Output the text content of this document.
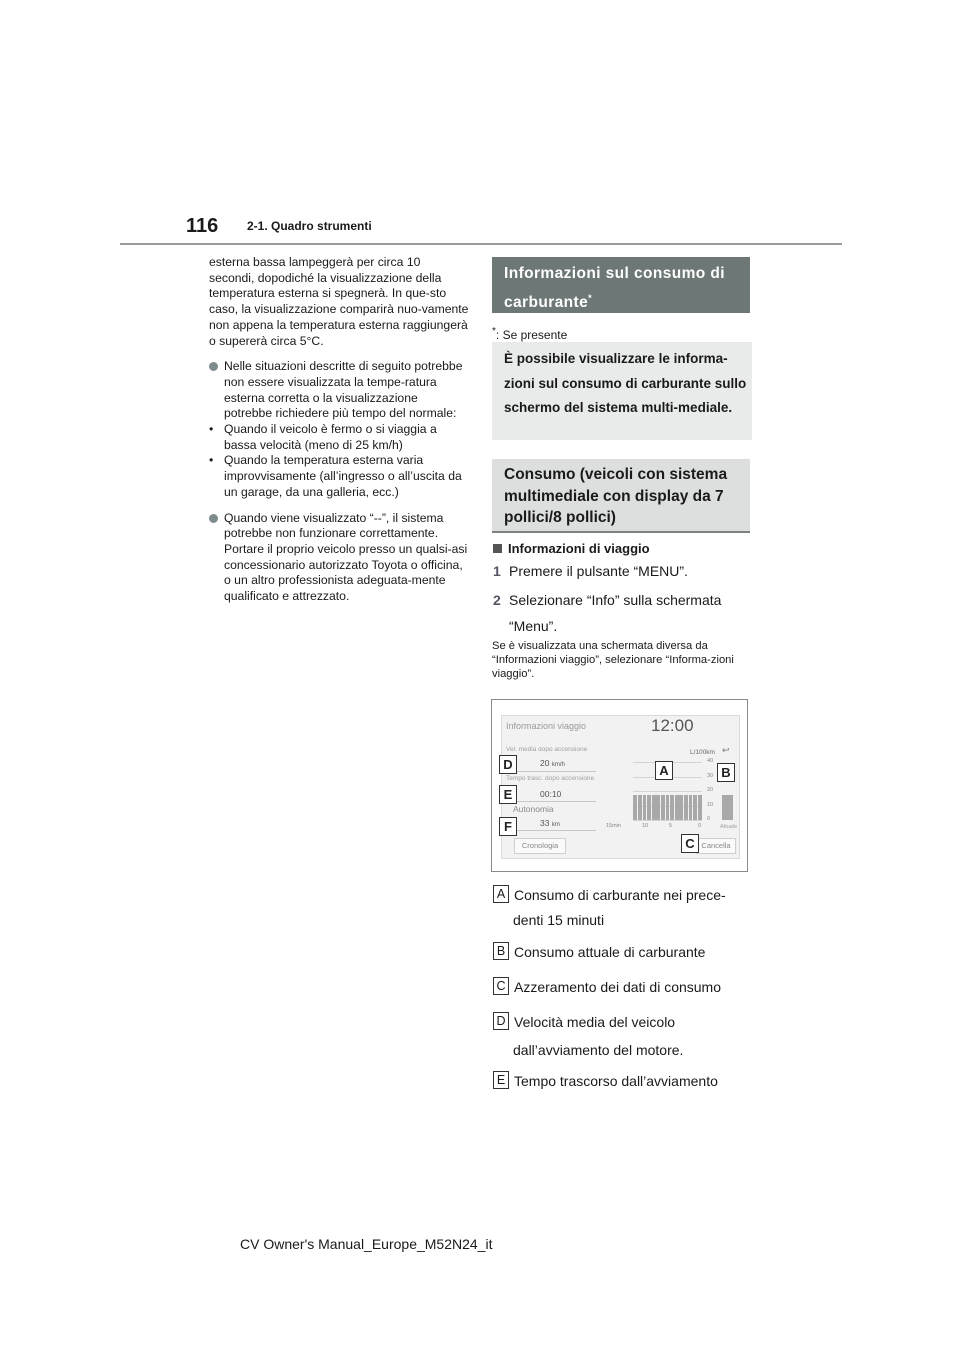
116 2-1. Quadro strumenti

esterna bassa lampeggerà per circa 10 secondi, dopodiché la visualizzazione della temperatura esterna si spegnerà. In que-sto caso, la visualizzazione comparirà nuo-vamente non appena la temperatura esterna raggiungerà o supererà circa 5°C.

Nelle situazioni descritte di seguito potrebbe non essere visualizzata la tempe-ratura esterna corretta o la visualizzazione potrebbe richiedere più tempo del normale:

• Quando il veicolo è fermo o si viaggia a bassa velocità (meno di 25 km/h)

• Quando la temperatura esterna varia improvvisamente (all’ingresso o all’uscita da un garage, da una galleria, ecc.)

Quando viene visualizzato “--”, il sistema potrebbe non funzionare correttamente. Portare il proprio veicolo presso un qualsi-asi concessionario autorizzato Toyota o officina, o un altro professionista adeguata-mente qualificato e attrezzato.

Informazioni sul consumo di carburante*
*: Se presente
È possibile visualizzare le informa-zioni sul consumo di carburante sullo schermo del sistema multi-mediale.
Consumo (veicoli con sistema multimediale con display da 7 pollici/8 pollici)
Informazioni di viaggio
1 Premere il pulsante “MENU”.
2 Selezionare “Info” sulla schermata “Menu”.
Se è visualizzata una schermata diversa da “Informazioni viaggio”, selezionare “Informa-zioni viaggio”.
Informazioni viaggio	12:00
Vel. media dopo accensione
20 km/h
Tempo trasc. dopo accensione
00:10
Autonomia
33 km
Cronologia	Cancella
L/100km ↩
40
30
20
10
0
15min	10	5	0	Attuale
D
E
F
A	B
C
A Consumo di carburante nei prece-
denti 15 minuti
B Consumo attuale di carburante
C Azzeramento dei dati di consumo
D Velocità media del veicolo
dall’avviamento del motore.
E Tempo trascorso dall’avviamento
CV Owner's Manual_Europe_M52N24_it
